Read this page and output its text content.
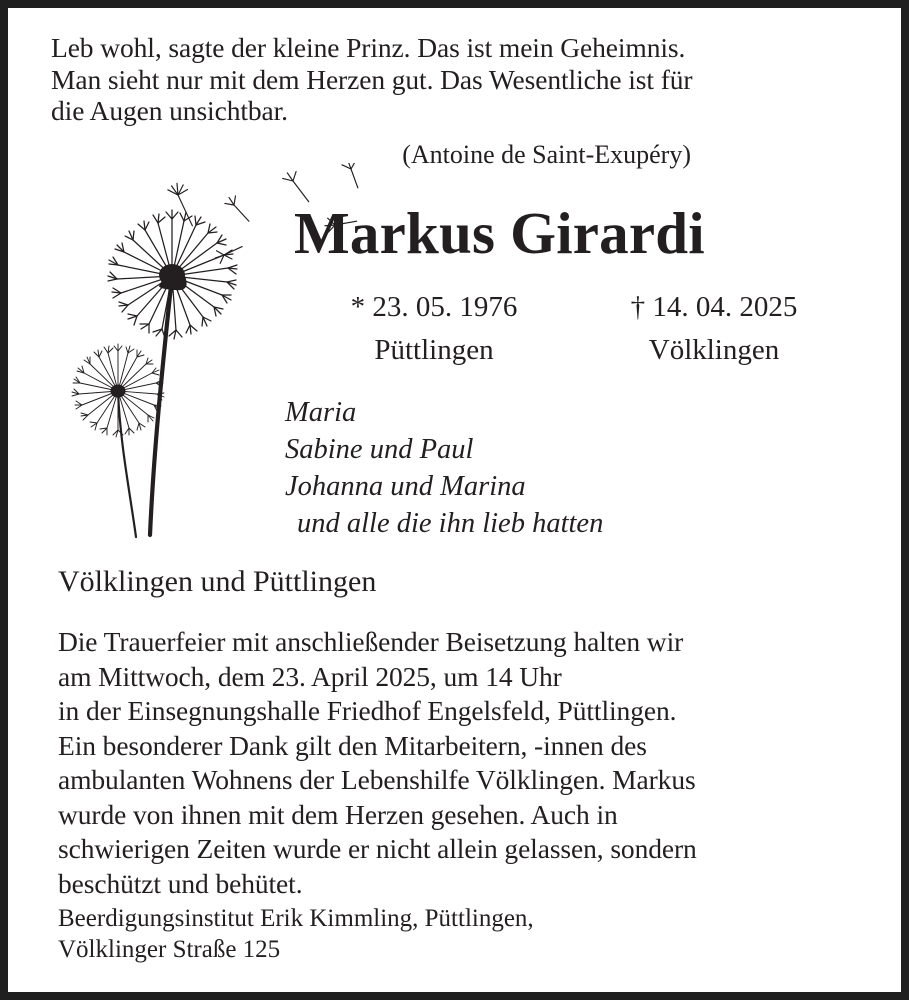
Leb wohl, sagte der kleine Prinz. Das ist mein Geheimnis.
Man sieht nur mit dem Herzen gut. Das Wesentliche ist für
die Augen unsichtbar.
(Antoine de Saint-Exupéry)
Markus Girardi
* 23. 05. 1976
Püttlingen
† 14. 04. 2025
Völklingen
Maria
Sabine und Paul
Johanna und Marina
und alle die ihn lieb hatten
Völklingen und Püttlingen
Die Trauerfeier mit anschließender Beisetzung halten wir
am Mittwoch, dem 23. April 2025, um 14 Uhr
in der Einsegnungshalle Friedhof Engelsfeld, Püttlingen.
Ein besonderer Dank gilt den Mitarbeitern, -innen des
ambulanten Wohnens der Lebenshilfe Völklingen. Markus
wurde von ihnen mit dem Herzen gesehen. Auch in
schwierigen Zeiten wurde er nicht allein gelassen, sondern
beschützt und behütet.
Beerdigungsinstitut Erik Kimmling, Püttlingen,
Völklinger Straße 125
